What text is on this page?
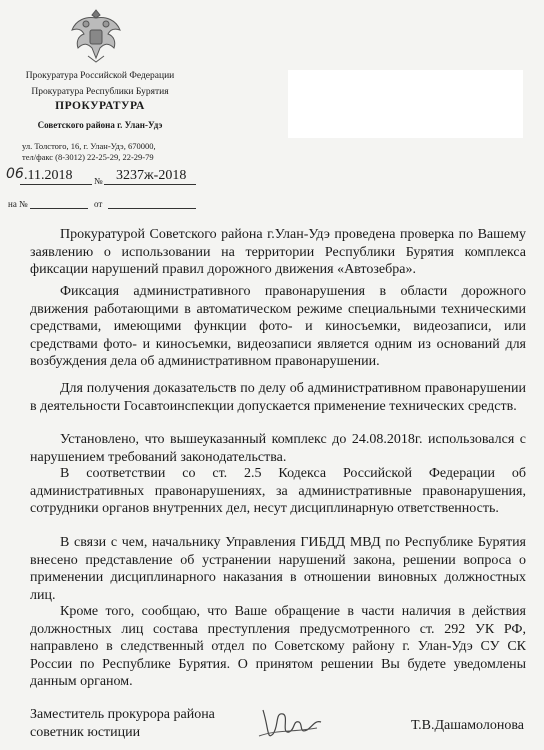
Прокуратура Российской Федерации
Прокуратура Республики Бурятия
ПРОКУРАТУРА
Советского района г. Улан-Удэ
ул. Толстого, 16, г. Улан-Удэ, 670000,
тел/факс (8-3012) 22-25-29, 22-29-79
06 .11.2018 № 3237ж-2018
на №	от
Прокуратурой Советского района г.Улан-Удэ проведена проверка по Вашему заявлению о использовании на территории Республики Бурятия комплекса фиксации нарушений правил дорожного движения «Автозебра».
Фиксация административного правонарушения в области дорожного движения работающими в автоматическом режиме специальными техническими средствами, имеющими функции фото- и киносъемки, видеозаписи, или средствами фото- и киносъемки, видеозаписи является одним из оснований для возбуждения дела об административном правонарушении.
Для получения доказательств по делу об административном правонарушении в деятельности Госавтоинспекции допускается применение технических средств.
Установлено, что вышеуказанный комплекс до 24.08.2018г. использовался с нарушением требований законодательства.
В соответствии со ст. 2.5 Кодекса Российской Федерации об административных правонарушениях, за административные правонарушения, сотрудники органов внутренних дел, несут дисциплинарную ответственность.
В связи с чем, начальнику Управления ГИБДД МВД по Республике Бурятия внесено представление об устранении нарушений закона, решении вопроса о применении дисциплинарного наказания в отношении виновных должностных лиц.
Кроме того, сообщаю, что Ваше обращение в части наличия в действия должностных лиц состава преступления предусмотренного ст. 292 УК РФ, направлено в следственный отдел по Советскому району г. Улан-Удэ СУ СК России по Республике Бурятия. О принятом решении Вы будете уведомлены данным органом.
Заместитель прокурора района
советник юстиции	Т.В.Дашамолонова
